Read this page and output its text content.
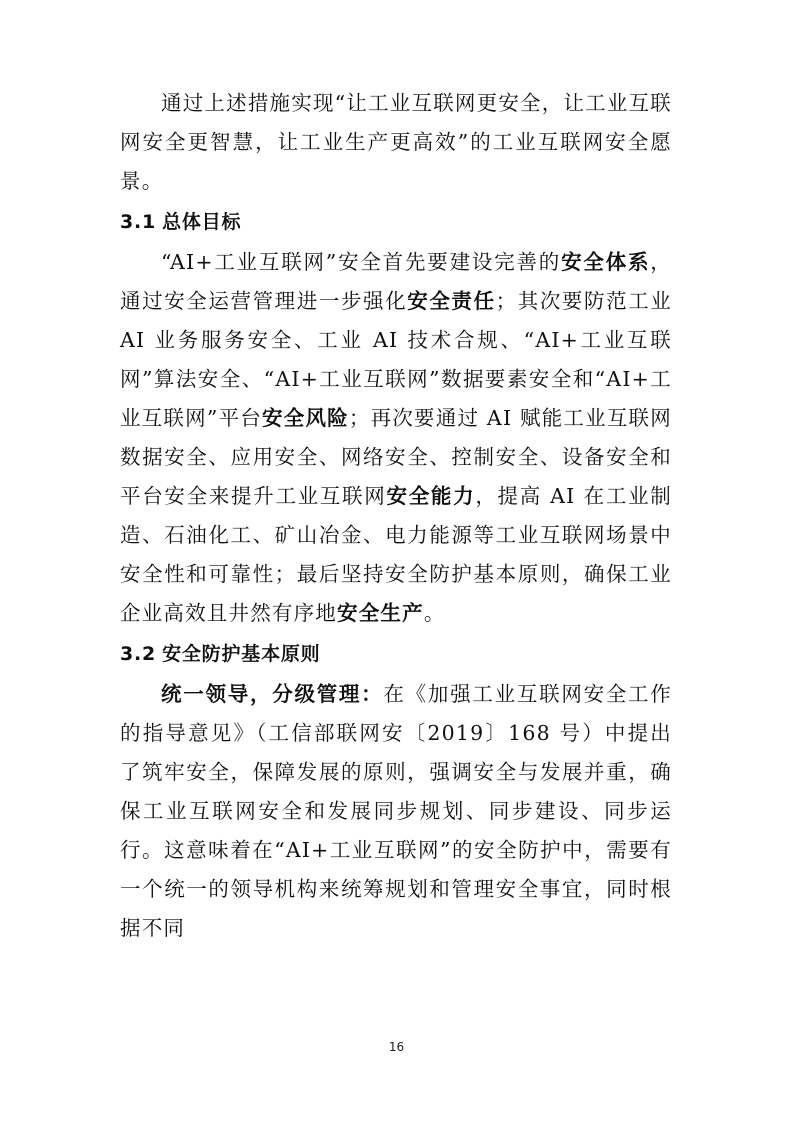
通过上述措施实现“让工业互联网更安全，让工业互联网安全更智慧，让工业生产更高效”的工业互联网安全愿景。

3.1 总体目标

“AI+工业互联网”安全首先要建设完善的安全体系，通过安全运营管理进一步强化安全责任；其次要防范工业 AI 业务服务安全、工业 AI 技术合规、“AI+工业互联网”算法安全、“AI+工业互联网”数据要素安全和“AI+工业互联网”平台安全风险；再次要通过 AI 赋能工业互联网数据安全、应用安全、网络安全、控制安全、设备安全和平台安全来提升工业互联网安全能力，提高 AI 在工业制造、石油化工、矿山冶金、电力能源等工业互联网场景中安全性和可靠性；最后坚持安全防护基本原则，确保工业企业高效且井然有序地安全生产。

3.2 安全防护基本原则

统一领导，分级管理：在《加强工业互联网安全工作的指导意见》（工信部联网安〔2019〕168 号）中提出了筑牢安全，保障发展的原则，强调安全与发展并重，确保工业互联网安全和发展同步规划、同步建设、同步运行。这意味着在“AI+工业互联网”的安全防护中，需要有一个统一的领导机构来统筹规划和管理安全事宜，同时根据不同

16
